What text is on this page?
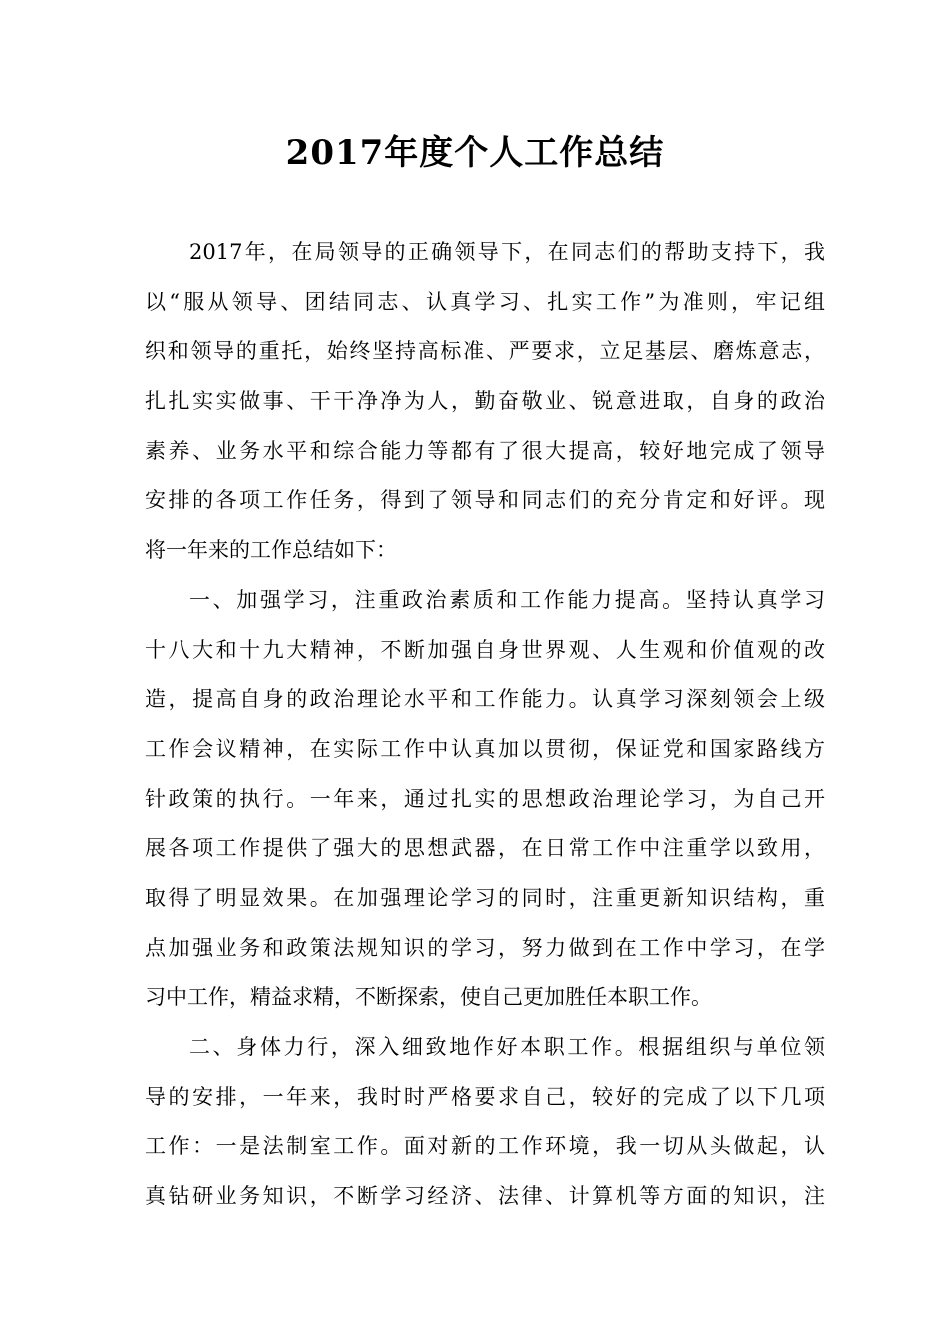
2017年度个人工作总结
2017年，在局领导的正确领导下，在同志们的帮助支持下，我
以“服从领导、团结同志、认真学习、扎实工作”为准则，牢记组
织和领导的重托，始终坚持高标准、严要求，立足基层、磨炼意志，
扎扎实实做事、干干净净为人，勤奋敬业、锐意进取，自身的政治
素养、业务水平和综合能力等都有了很大提高，较好地完成了领导
安排的各项工作任务，得到了领导和同志们的充分肯定和好评。现
将一年来的工作总结如下：
一、加强学习，注重政治素质和工作能力提高。坚持认真学习
十八大和十九大精神，不断加强自身世界观、人生观和价值观的改
造，提高自身的政治理论水平和工作能力。认真学习深刻领会上级
工作会议精神，在实际工作中认真加以贯彻，保证党和国家路线方
针政策的执行。一年来，通过扎实的思想政治理论学习，为自己开
展各项工作提供了强大的思想武器，在日常工作中注重学以致用，
取得了明显效果。在加强理论学习的同时，注重更新知识结构，重
点加强业务和政策法规知识的学习，努力做到在工作中学习，在学
习中工作，精益求精，不断探索，使自己更加胜任本职工作。
二、身体力行，深入细致地作好本职工作。根据组织与单位领
导的安排，一年来，我时时严格要求自己，较好的完成了以下几项
工作：一是法制室工作。面对新的工作环境，我一切从头做起，认
真钻研业务知识，不断学习经济、法律、计算机等方面的知识，注
